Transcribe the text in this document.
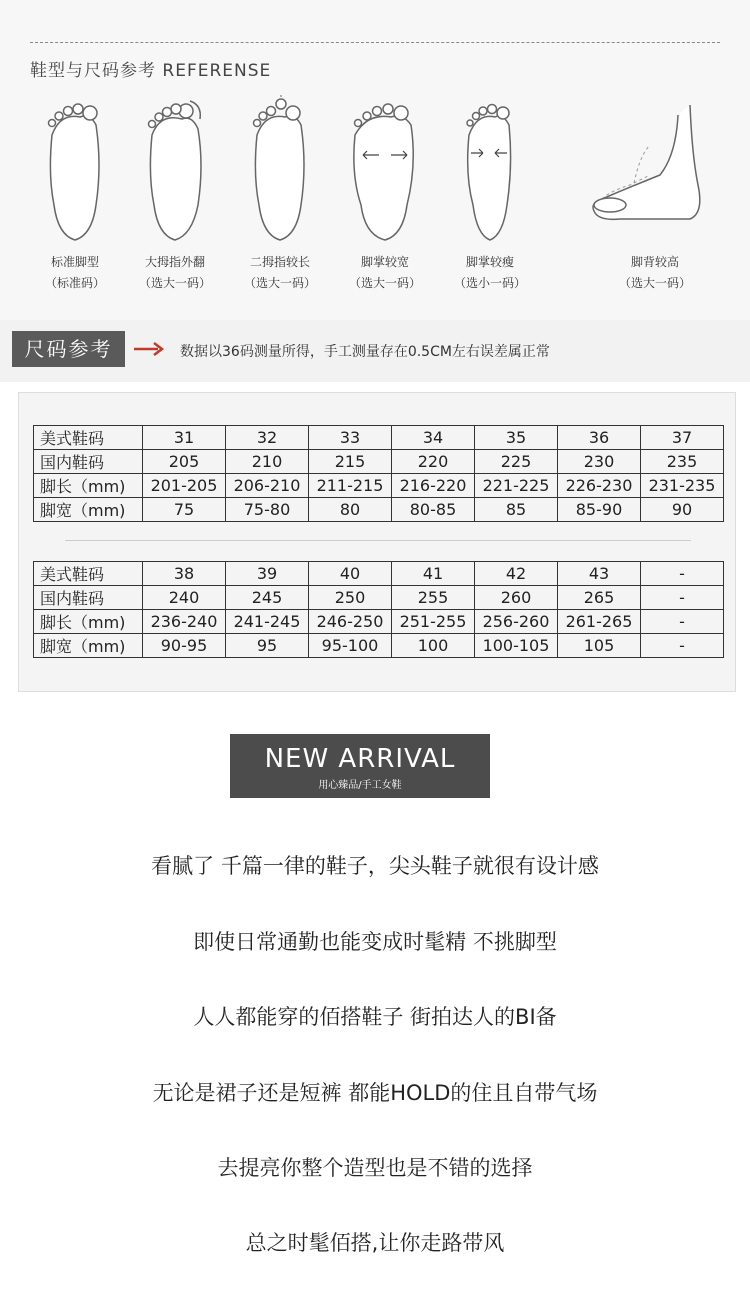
鞋型与尺码参考 REFERENSE
标准脚型
（标准码）
大拇指外翻
（选大一码）
二拇指较长
（选大一码）
脚掌较宽
（选大一码）
脚掌较瘦
（选小一码）
脚背较高
（选大一码）
尺码参考	数据以36码测量所得，手工测量存在0.5CM左右误差属正常
美式鞋码	31	32	33	34	35	36	37
国内鞋码	205	210	215	220	225	230	235
脚长（mm)	201-205	206-210	211-215	216-220	221-225	226-230	231-235
脚宽（mm)	75	75-80	80	80-85	85	85-90	90
美式鞋码	38	39	40	41	42	43	-
国内鞋码	240	245	250	255	260	265	-
脚长（mm)	236-240	241-245	246-250	251-255	256-260	261-265	-
脚宽（mm)	90-95	95	95-100	100	100-105	105	-
NEW ARRIVAL
用心臻品/手工女鞋
看腻了 千篇一律的鞋子，尖头鞋子就很有设计感
即使日常通勤也能变成时髦精 不挑脚型
人人都能穿的佰搭鞋子 街拍达人的BI备
无论是裙子还是短裤 都能HOLD的住且自带气场
去提亮你整个造型也是不错的选择
总之时髦佰搭,让你走路带风
